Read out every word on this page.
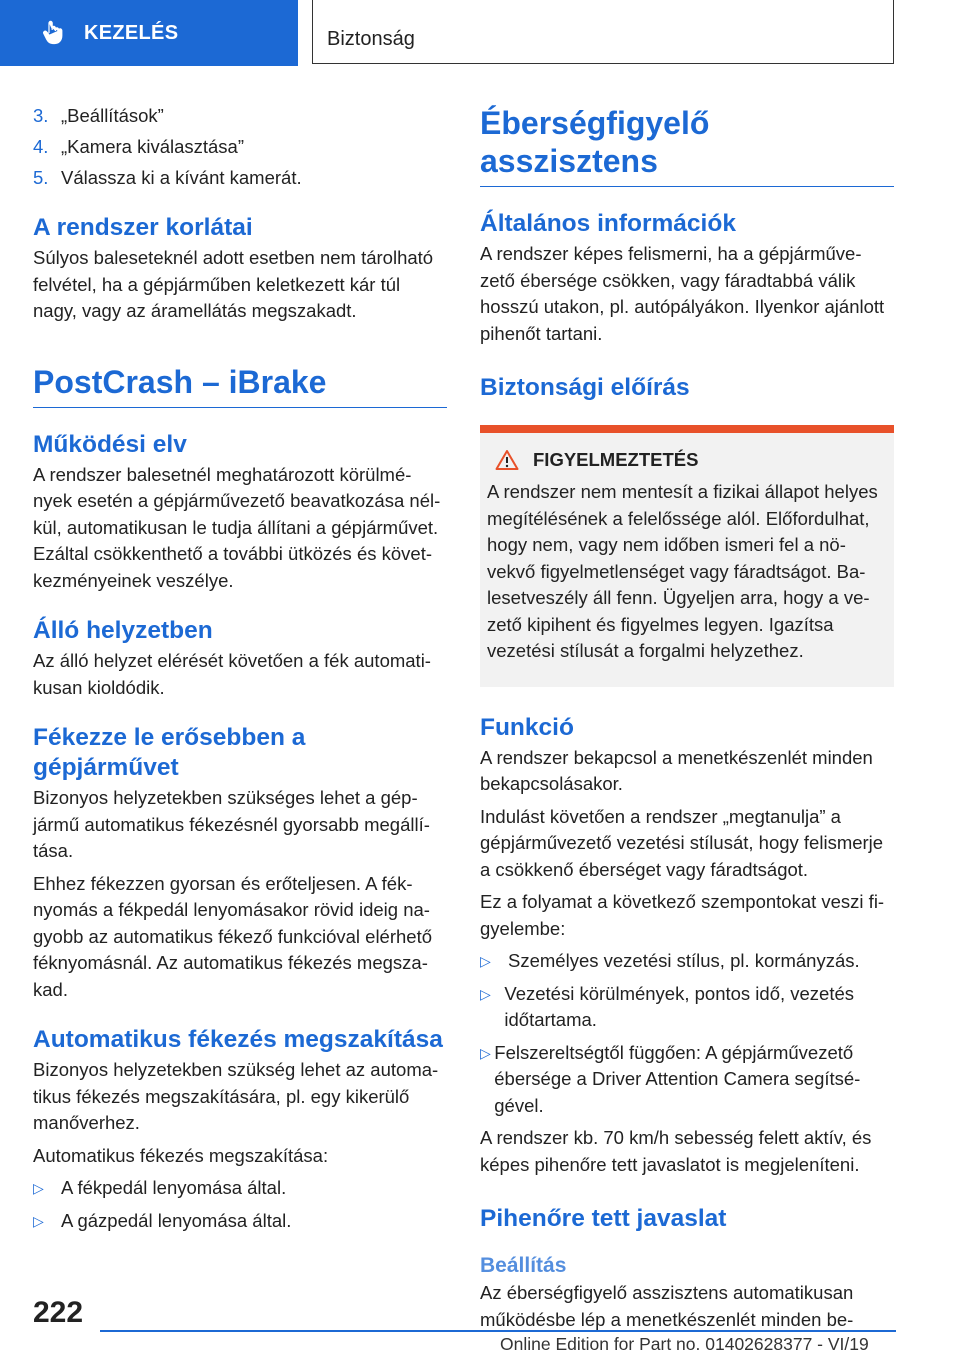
KEZELÉS	Biztonság
3. „Beállítások”
4. „Kamera kiválasztása”
5. Válassza ki a kívánt kamerát.
A rendszer korlátai

Súlyos baleseteknél adott esetben nem tárolható felvétel, ha a gépjárműben keletkezett kár túl nagy, vagy az áramellátás megszakadt.

PostCrash – iBrake
Működési elv

A rendszer balesetnél meghatározott körülmé‐ nyek esetén a gépjárművezető beavatkozása nél‐ kül, automatikusan le tudja állítani a gépjárművet. Ezáltal csökkenthető a további ütközés és követ‐ kezményeinek veszélye.

Álló helyzetben

Az álló helyzet elérését követően a fék automati‐ kusan kioldódik.

Fékezze le erősebben a gépjárművet

Bizonyos helyzetekben szükséges lehet a gép‐ jármű automatikus fékezésnél gyorsabb megállí‐ tása.

Ehhez fékezzen gyorsan és erőteljesen. A fék‐ nyomás a fékpedál lenyomásakor rövid ideig na‐ gyobb az automatikus fékező funkcióval elérhető féknyomásnál. Az automatikus fékezés megsza‐ kad.

Automatikus fékezés megszakítása

Bizonyos helyzetekben szükség lehet az automa‐ tikus fékezés megszakítására, pl. egy kikerülő manőverhez.

Automatikus fékezés megszakítása:

▷ A fékpedál lenyomása által.
▷ A gázpedál lenyomása által.
Éberségfigyelő asszisztens
Általános információk

A rendszer képes felismerni, ha a gépjárműve‐ zető ébersége csökken, vagy fáradtabbá válik hosszú utakon, pl. autópályákon. Ilyenkor ajánlott pihenőt tartani.

Biztonsági előírás
FIGYELMEZTETÉS

A rendszer nem mentesít a fizikai állapot helyes megítélésének a felelőssége alól. Előfordulhat, hogy nem, vagy nem időben ismeri fel a nö‐ vekvő figyelmetlenséget vagy fáradtságot. Ba‐ lesetveszély áll fenn. Ügyeljen arra, hogy a ve‐ zető kipihent és figyelmes legyen. Igazítsa vezetési stílusát a forgalmi helyzethez.

Funkció

A rendszer bekapcsol a menetkészenlét minden bekapcsolásakor.

Indulást követően a rendszer „megtanulja” a gépjárművezető vezetési stílusát, hogy felismerje a csökkenő éberséget vagy fáradtságot.

Ez a folyamat a következő szempontokat veszi fi‐ gyelembe:

▷ Személyes vezetési stílus, pl. kormányzás.
▷ Vezetési körülmények, pontos idő, vezetés időtartama.
▷ Felszereltségtől függően: A gépjárművezető ébersége a Driver Attention Camera segítsé‐ gével.

A rendszer kb. 70 km/h sebesség felett aktív, és képes pihenőre tett javaslatot is megjeleníteni.

Pihenőre tett javaslat
Beállítás

Az éberségfigyelő asszisztens automatikusan működésbe lép a menetkészenlét minden be‐

222
Online Edition for Part no. 01402628377 - VI/19
